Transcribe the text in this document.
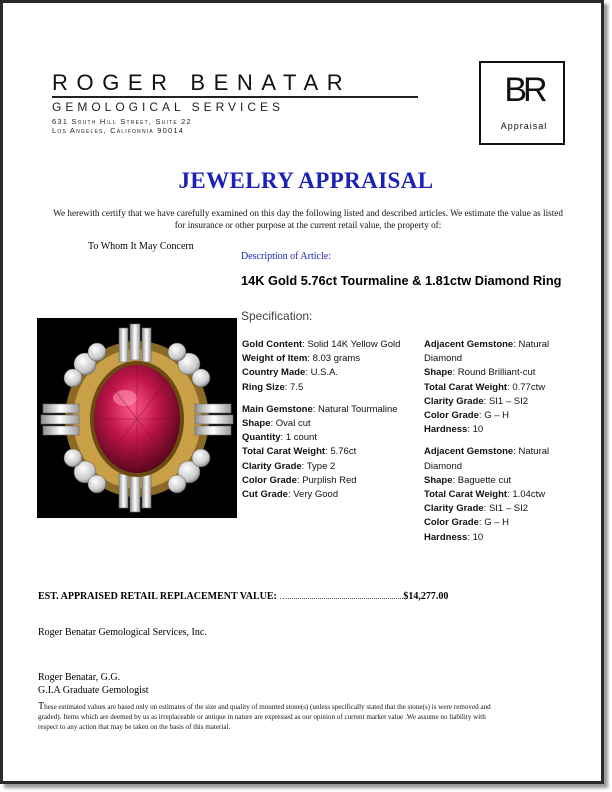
ROGER BENATAR
GEMOLOGICAL SERVICES
631 South Hill Street, Suite 22
Los Angeles, California 90014
BR
Appraisal
JEWELRY APPRAISAL
We herewith certify that we have carefully examined on this day the following listed and described articles. We estimate the value as listed for insurance or other purpose at the current retail value, the property of:
To Whom It May Concern
Description of Article:
14K Gold 5.76ct Tourmaline & 1.81ctw Diamond Ring
Specification:
Gold Content: Solid 14K Yellow Gold
Weight of Item: 8.03 grams
Country Made: U.S.A.
Ring Size: 7.5
Main Gemstone: Natural Tourmaline
Shape: Oval cut
Quantity: 1 count
Total Carat Weight: 5.76ct
Clarity Grade: Type 2
Color Grade: Purplish Red
Cut Grade: Very Good
Adjacent Gemstone: Natural
Diamond
Shape: Round Brilliant-cut
Total Carat Weight: 0.77ctw
Clarity Grade: SI1 – SI2
Color Grade: G – H
Hardness: 10
Adjacent Gemstone: Natural
Diamond
Shape: Baguette cut
Total Carat Weight: 1.04ctw
Clarity Grade: SI1 – SI2
Color Grade: G – H
Hardness: 10
EST. APPRAISED RETAIL REPLACEMENT VALUE: …..........................................................$14,277.00
Roger Benatar Gemological Services, Inc.
Roger Benatar, G.G.
G.I.A Graduate Gemologist
These estimated values are based only on estimates of the size and quality of mounted stone(s) (unless specifically stated that the stone(s) is were removed and graded). Items which are deemed by us as irreplaceable or antique in nature are expressed as our opinion of current market value .We assume no liability with respect to any action that may be taken on the basis of this material.
